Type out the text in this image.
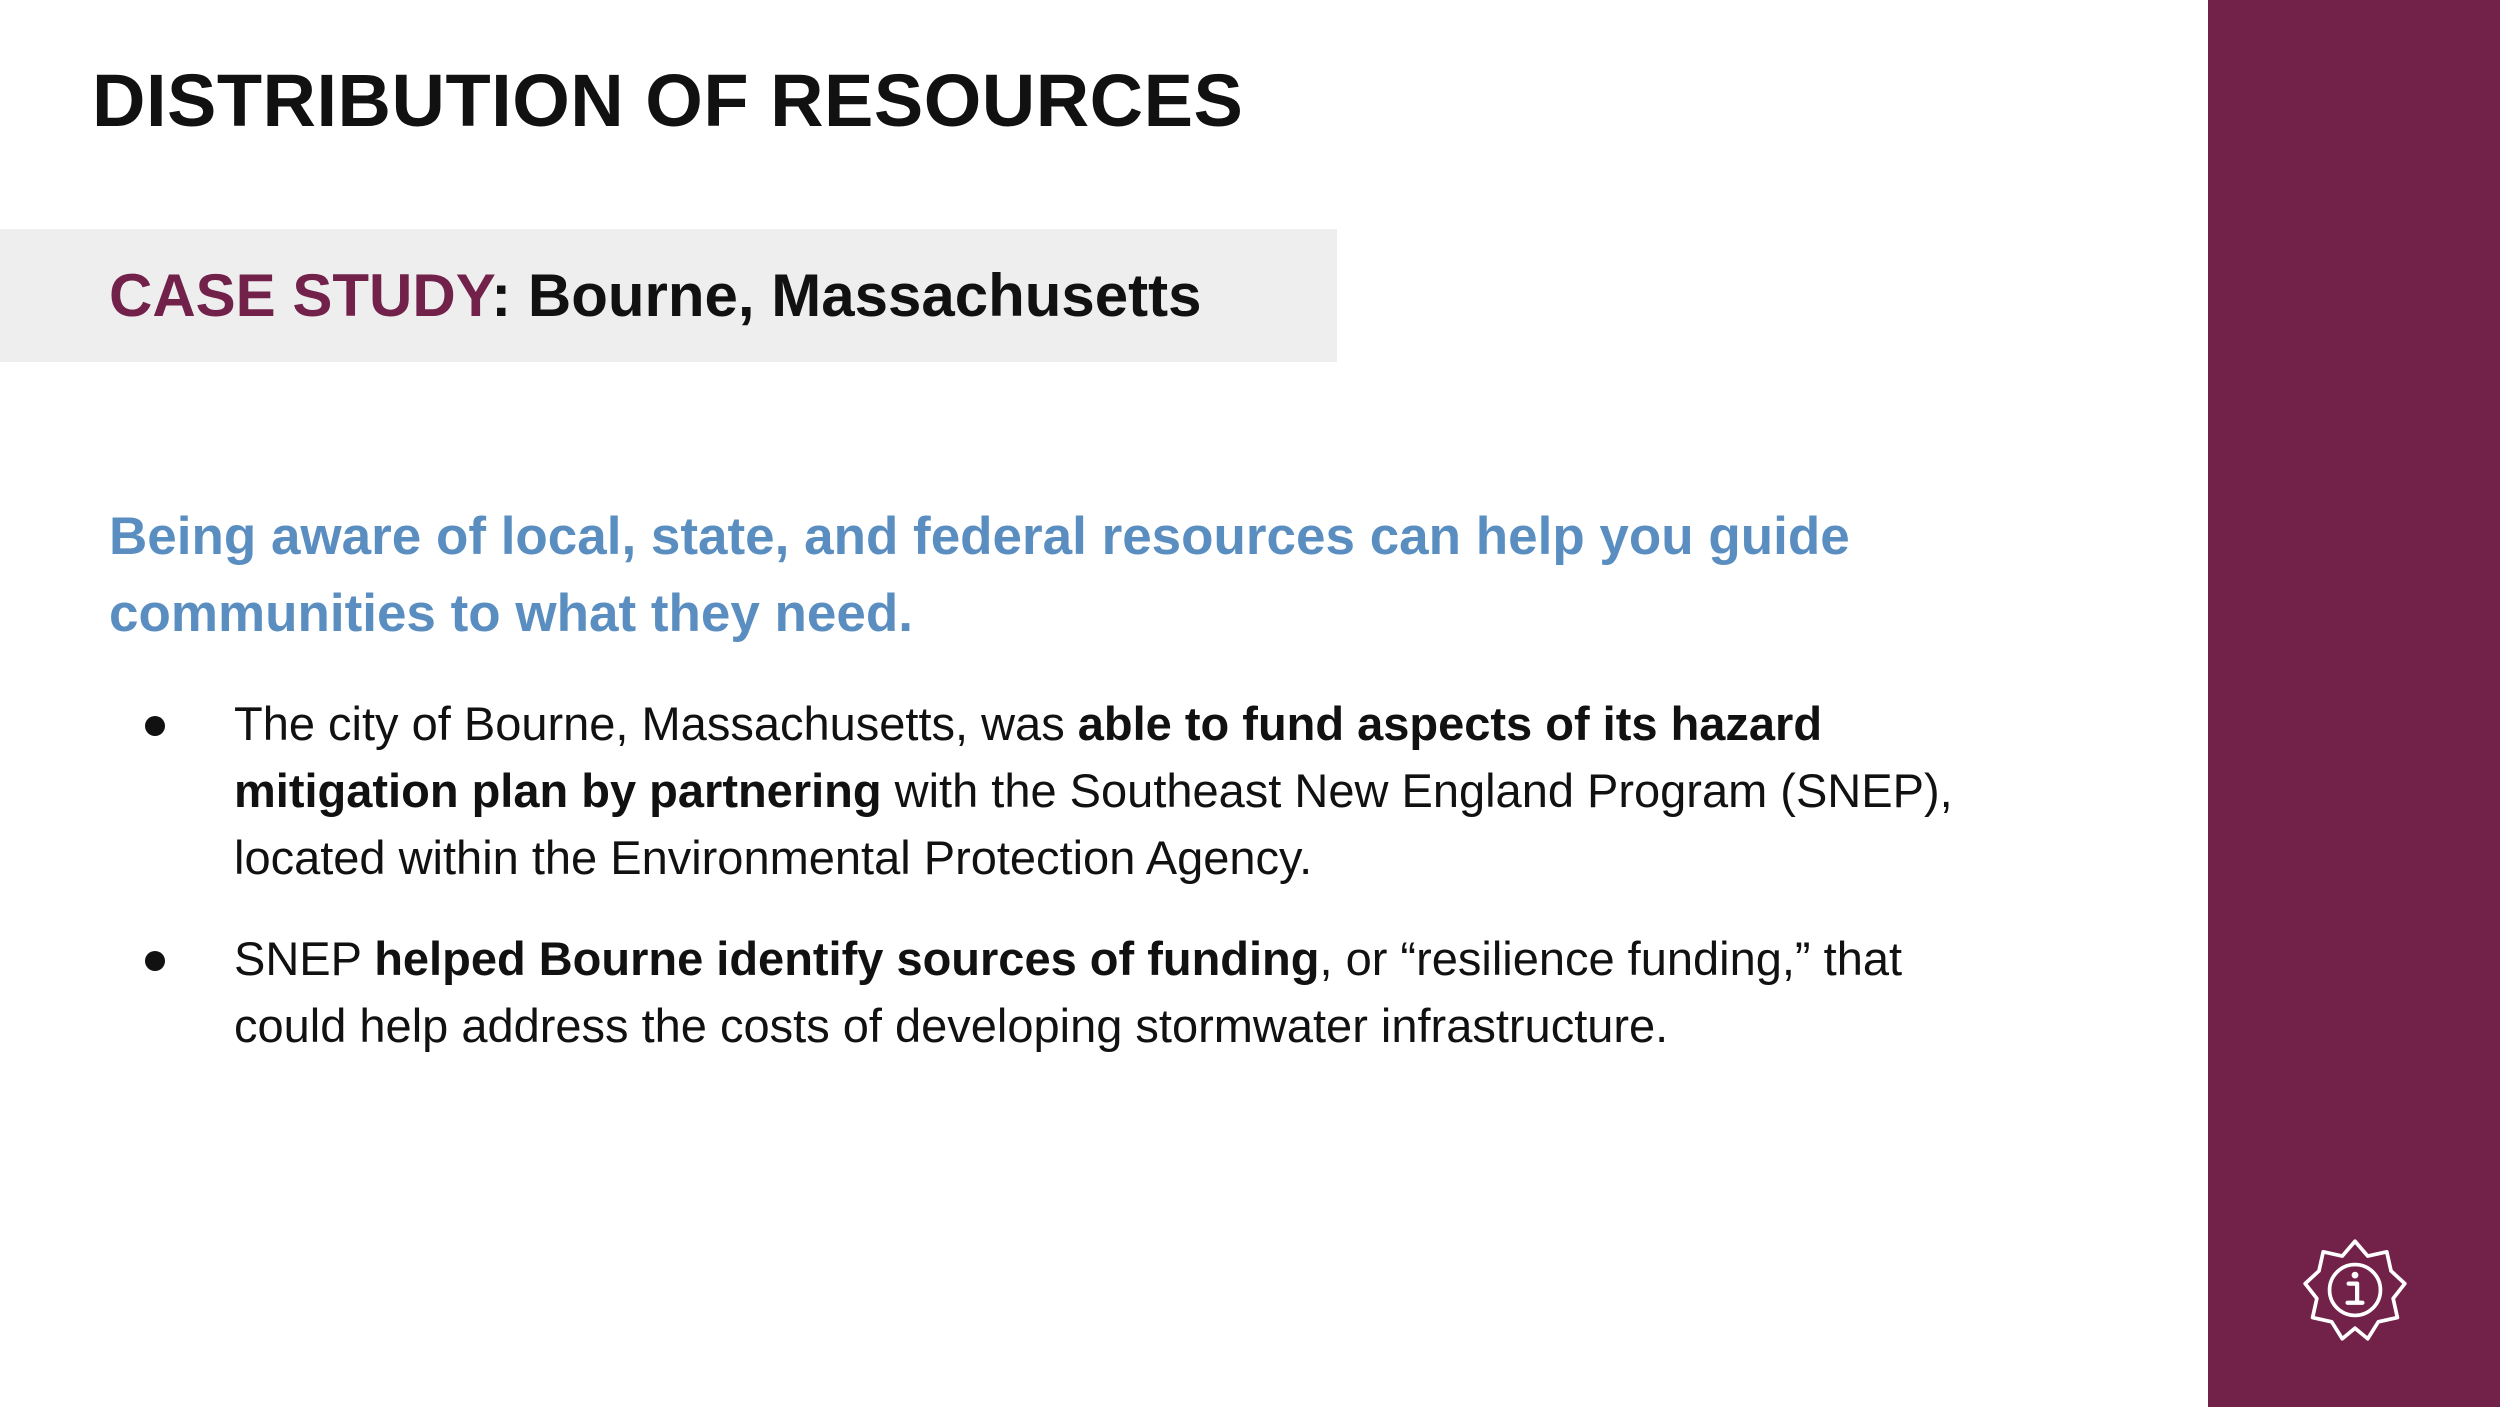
DISTRIBUTION OF RESOURCES
CASE STUDY: Bourne, Massachusetts

Being aware of local, state, and federal resources can help you guide communities to what they need.

The city of Bourne, Massachusetts, was able to fund aspects of its hazard mitigation plan by partnering with the Southeast New England Program (SNEP), located within the Environmental Protection Agency.
SNEP helped Bourne identify sources of funding, or “resilience funding,” that could help address the costs of developing stormwater infrastructure.
